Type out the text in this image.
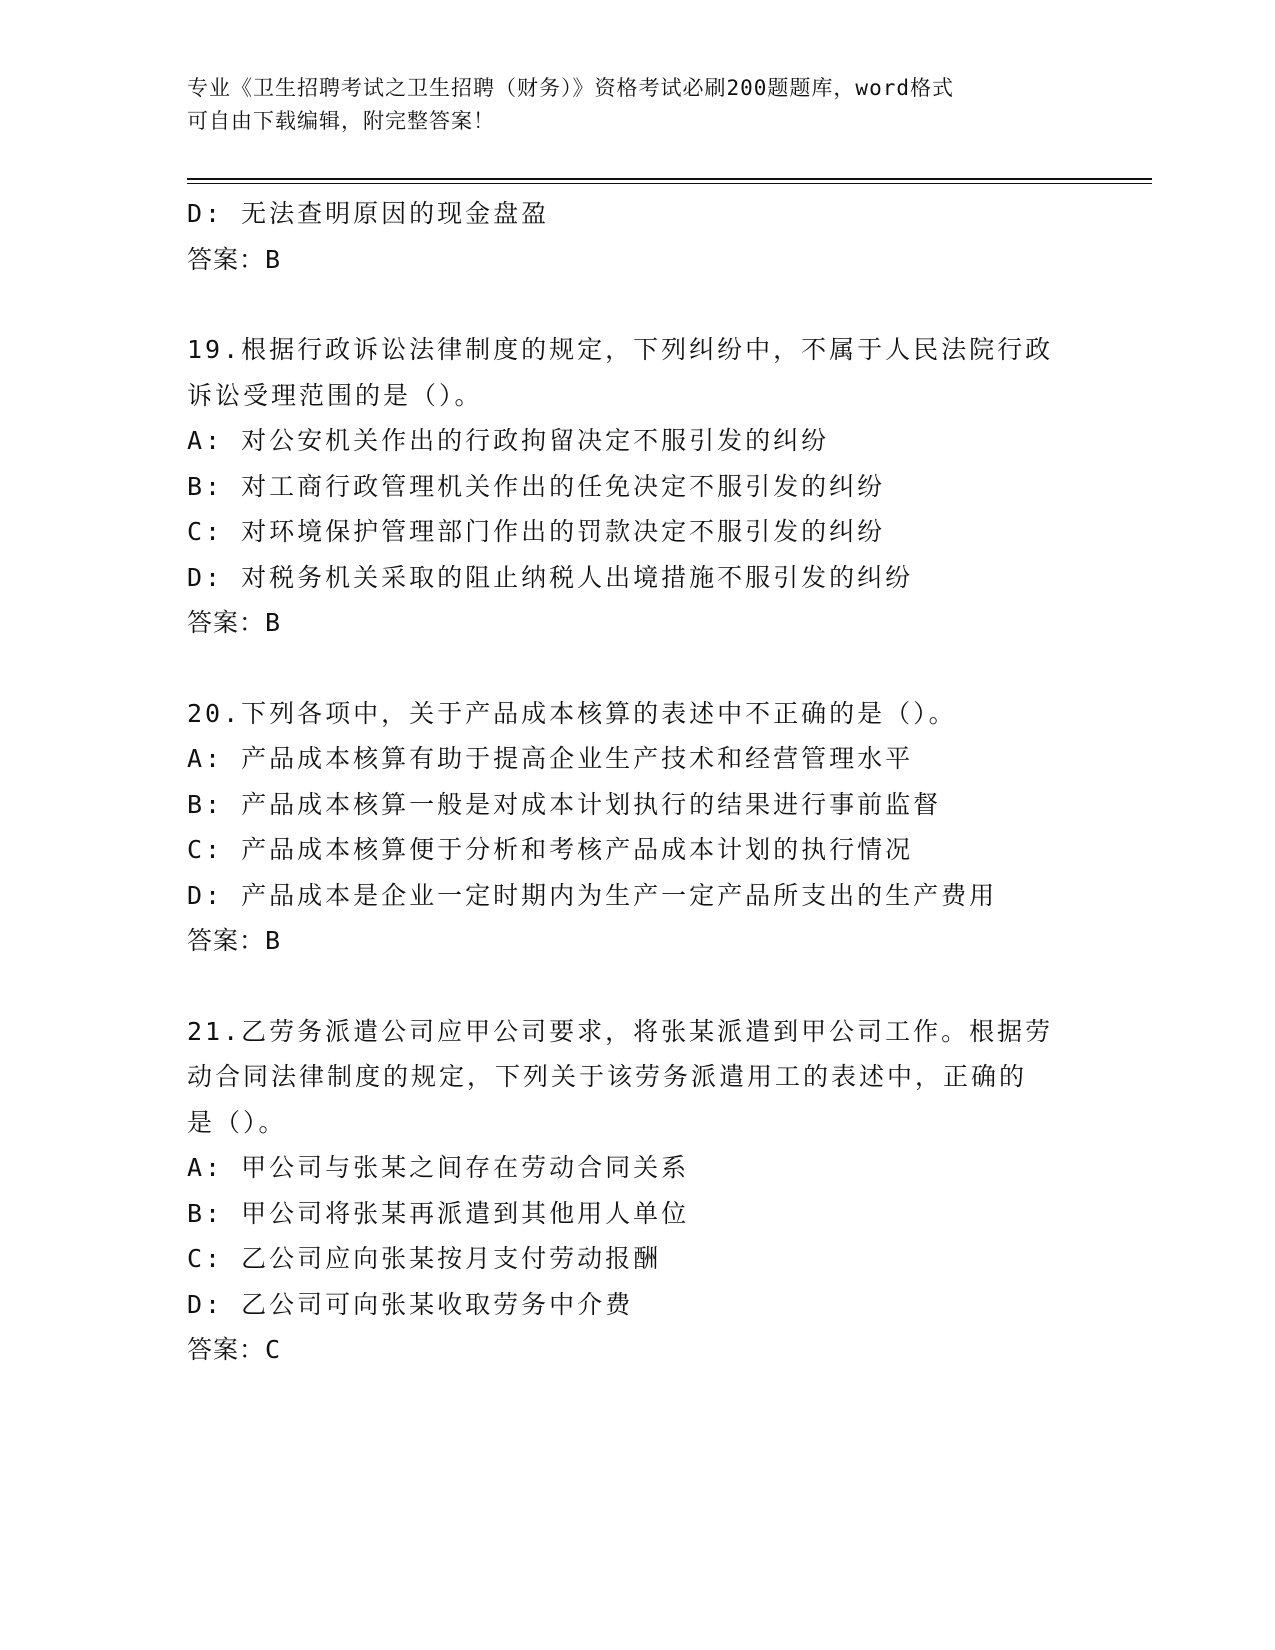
专业《卫生招聘考试之卫生招聘（财务）》资格考试必刷200题题库，word格式
可自由下载编辑，附完整答案！
D: 无法查明原因的现金盘盈
答案：B
19.根据行政诉讼法律制度的规定，下列纠纷中，不属于人民法院行政
诉讼受理范围的是（）。
A: 对公安机关作出的行政拘留决定不服引发的纠纷
B: 对工商行政管理机关作出的任免决定不服引发的纠纷
C: 对环境保护管理部门作出的罚款决定不服引发的纠纷
D: 对税务机关采取的阻止纳税人出境措施不服引发的纠纷
答案：B
20.下列各项中，关于产品成本核算的表述中不正确的是（）。
A: 产品成本核算有助于提高企业生产技术和经营管理水平
B: 产品成本核算一般是对成本计划执行的结果进行事前监督
C: 产品成本核算便于分析和考核产品成本计划的执行情况
D: 产品成本是企业一定时期内为生产一定产品所支出的生产费用
答案：B
21.乙劳务派遣公司应甲公司要求，将张某派遣到甲公司工作。根据劳
动合同法律制度的规定，下列关于该劳务派遣用工的表述中，正确的
是（）。
A: 甲公司与张某之间存在劳动合同关系
B: 甲公司将张某再派遣到其他用人单位
C: 乙公司应向张某按月支付劳动报酬
D: 乙公司可向张某收取劳务中介费
答案：C
